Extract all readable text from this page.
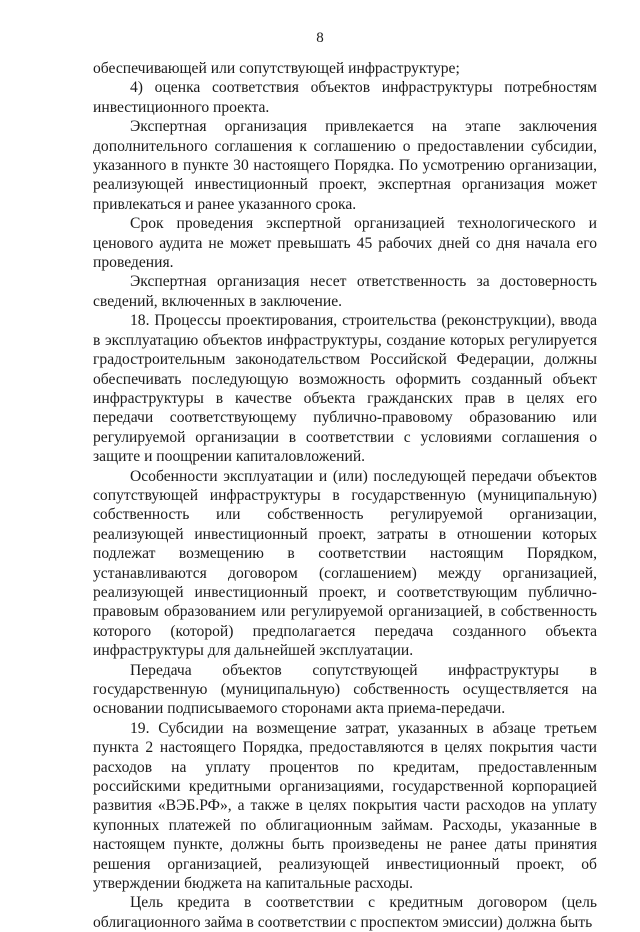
8

обеспечивающей или сопутствующей инфраструктуре;

4) оценка соответствия объектов инфраструктуры потребностям инвестиционного проекта.

Экспертная организация привлекается на этапе заключения дополнительного соглашения к соглашению о предоставлении субсидии, указанного в пункте 30 настоящего Порядка. По усмотрению организации, реализующей инвестиционный проект, экспертная организация может привлекаться и ранее указанного срока.

Срок проведения экспертной организацией технологического и ценового аудита не может превышать 45 рабочих дней со дня начала его проведения.

Экспертная организация несет ответственность за достоверность сведений, включенных в заключение.

18. Процессы проектирования, строительства (реконструкции), ввода в эксплуатацию объектов инфраструктуры, создание которых регулируется градостроительным законодательством Российской Федерации, должны обеспечивать последующую возможность оформить созданный объект инфраструктуры в качестве объекта гражданских прав в целях его передачи соответствующему публично-правовому образованию или регулируемой организации в соответствии с условиями соглашения о защите и поощрении капиталовложений.

Особенности эксплуатации и (или) последующей передачи объектов сопутствующей инфраструктуры в государственную (муниципальную) собственность или собственность регулируемой организации, реализующей инвестиционный проект, затраты в отношении которых подлежат возмещению в соответствии настоящим Порядком, устанавливаются договором (соглашением) между организацией, реализующей инвестиционный проект, и соответствующим публично-правовым образованием или регулируемой организацией, в собственность которого (которой) предполагается передача созданного объекта инфраструктуры для дальнейшей эксплуатации.

Передача объектов сопутствующей инфраструктуры в государственную (муниципальную) собственность осуществляется на основании подписываемого сторонами акта приема-передачи.

19. Субсидии на возмещение затрат, указанных в абзаце третьем пункта 2 настоящего Порядка, предоставляются в целях покрытия части расходов на уплату процентов по кредитам, предоставленным российскими кредитными организациями, государственной корпорацией развития «ВЭБ.РФ», а также в целях покрытия части расходов на уплату купонных платежей по облигационным займам. Расходы, указанные в настоящем пункте, должны быть произведены не ранее даты принятия решения организацией, реализующей инвестиционный проект, об утверждении бюджета на капитальные расходы.

Цель кредита в соответствии с кредитным договором (цель облигационного займа в соответствии с проспектом эмиссии) должна быть
